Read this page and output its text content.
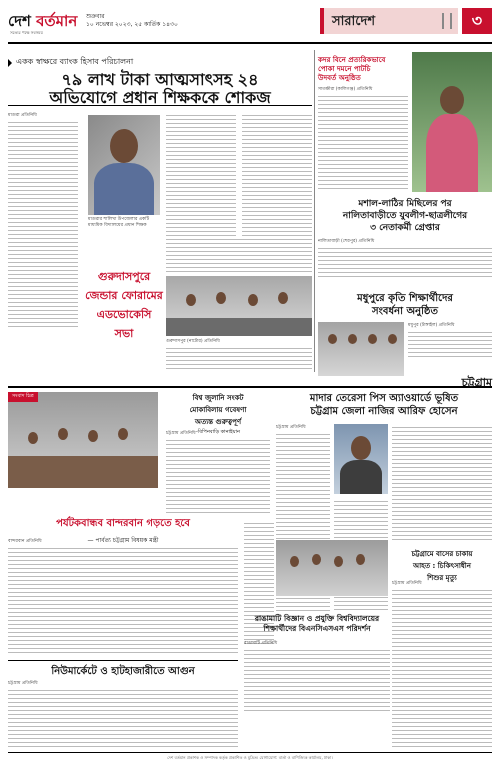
দেশ বর্তমান
সত্যের পক্ষে সবসময়
শুক্রবার
১০ নভেম্বর ২০২৩, ২৫ কার্তিক ১৪৩০	সারাদেশ	৩
একক স্বাক্ষরে ব্যাংক হিসাব পরিচালনা
৭৯ লাখ টাকা আত্মসাৎসহ ২৪
অভিযোগে প্রধান শিক্ষককে শোকজ
মাগুরা প্রতিনিধি
মাগুরার শালিখা উপজেলার একটি মাধ্যমিক বিদ্যালয়ের প্রধান শিক্ষক
গুরুদাসপুরে
জেন্ডার ফোরামের
এডভোকেসি
সভা
গুরুদাসপুর (নাটোর) প্রতিনিধি
কদর বিনে প্রত্যরিকভাবে
পোকা দমনে পাটচি
উদবর্ত অনুষ্ঠিত
সাতক্ষীরা (কালিগঞ্জ) প্রতিনিধি
মশাল-লাঠির মিছিলের পর
নালিতাবাড়ীতে যুবলীগ-ছাত্রলীগের
৩ নেতাকর্মী গ্রেপ্তার
নালিতাবাড়ী (শেরপুর) প্রতিনিধি
মধুপুরে কৃতি শিক্ষার্থীদের
সংবর্ধনা অনুষ্ঠিত
মধুপুর (টাঙ্গাইল) প্রতিনিধি
চট্টগ্রাম
সংবাদ চিত্র
পর্যটকবান্ধব বান্দরবান গড়তে হবে
— পার্বত্য চট্টগ্রাম বিষয়ক মন্ত্রী
বান্দরবান প্রতিনিধি
নিউমার্কেটে ও হাটহাজারীতে আগুন
চট্টগ্রাম প্রতিনিধি
বিশ্ব জুলানি সংকট
মোকাবিলায় গবেষণা
অত্যন্ত গুরুত্বপূর্ণ
-বিপিনবাড়ি কানাইয়ান
চট্টগ্রাম প্রতিনিধি
মাদার তেরেসা পিস অ্যাওয়ার্ডে ভূষিত
চট্টগ্রাম জেলা নাজির আরিফ হোসেন
চট্টগ্রাম প্রতিনিধি
চট্টগ্রামে বাসের চাকায়
আহত : চিকিৎসাধীন
শিশুর মৃত্যু
চট্টগ্রাম প্রতিনিধি
রাঙামাটি বিজ্ঞান ও প্রযুক্তি বিশ্ববিদ্যালয়ের
শিক্ষার্থীদের বিএনসিএসএস পরিদর্শন
রাঙামাটি প্রতিনিধি
দেশ বর্তমান প্রকাশক ও সম্পাদক কর্তৃক প্রকাশিত ও মুদ্রিত। যোগাযোগ: বার্তা ও বাণিজ্যিক কার্যালয়, ঢাকা।
